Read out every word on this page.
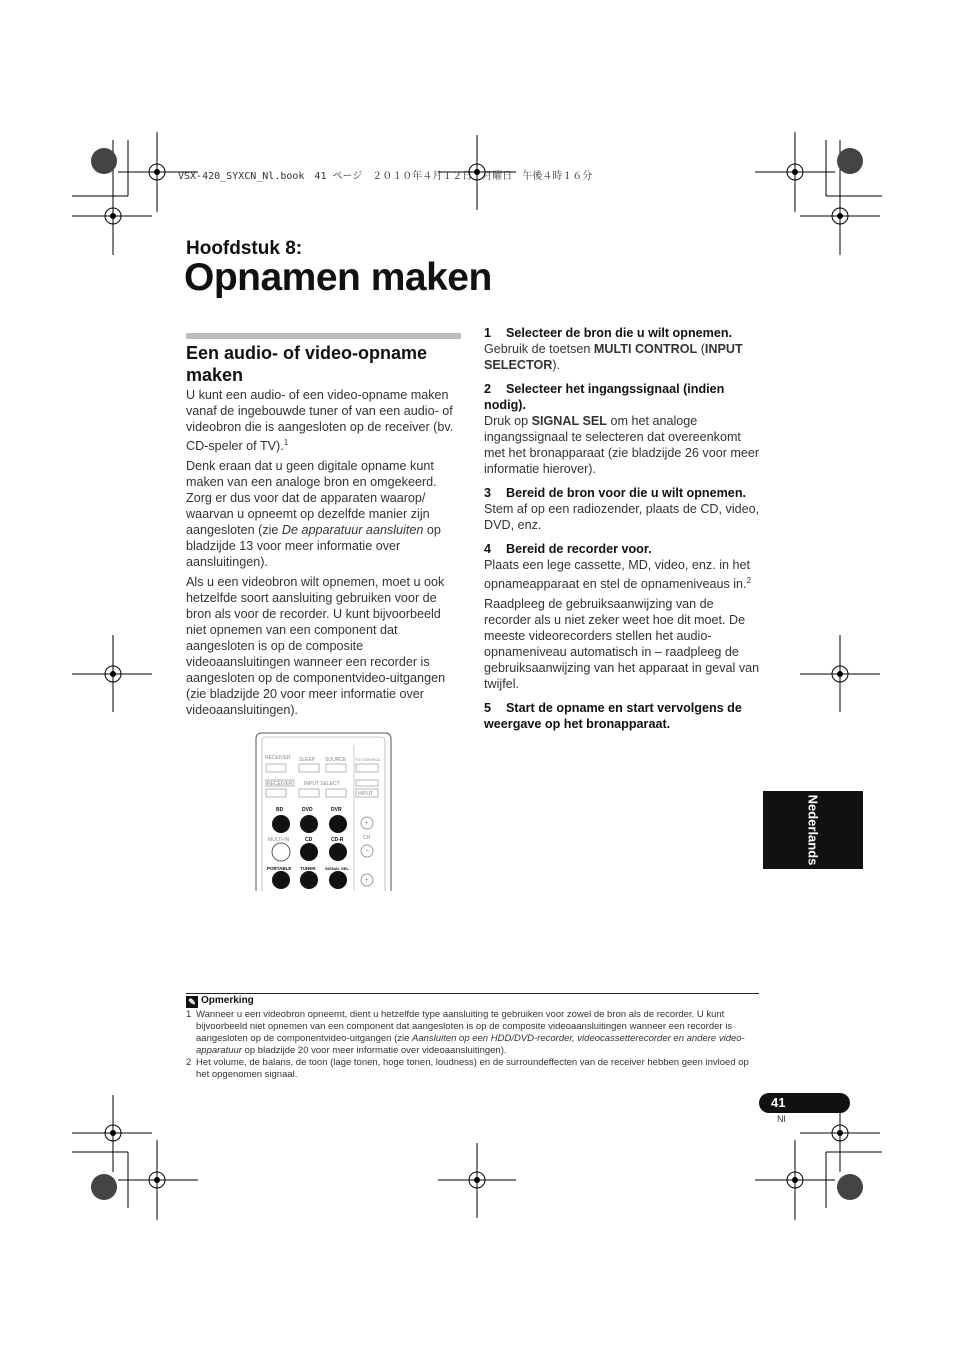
VSX-420_SYXCN_Nl.book　41 ページ　２０１０年４月１２日　月曜日　午後４時１６分
Hoofdstuk 8:
Opnamen maken
Een audio- of video-opname maken

U kunt een audio- of een video-opname maken vanaf de ingebouwde tuner of van een audio- of videobron die is aangesloten op de receiver (bv. CD-speler of TV).$^1$

Denk eraan dat u geen digitale opname kunt maken van een analoge bron en omgekeerd. Zorg er dus voor dat de apparaten waarop/ waarvan u opneemt op dezelfde manier zijn aangesloten (zie De apparatuur aansluiten op bladzijde 13 voor meer informatie over aansluitingen).

Als u een videobron wilt opnemen, moet u ook hetzelfde soort aansluiting gebruiken voor de bron als voor de recorder. U kunt bijvoorbeeld niet opnemen van een component dat aangesloten is op de composite videoaansluitingen wanneer een recorder is aangesloten op de componentvideo-uitgangen (zie bladzijde 20 voor meer informatie over videoaansluitingen).

RECEIVER SLEEP SOURCE TV CONTROL
RECEIVER INPUT SELECT
INPUT
BD	DVD	DVR
MULTI-IN	CD	CD-R
PORTABLE TUNER SIGNAL SEL
+
CH
−
+
1 Selecteer de bron die u wilt opnemen.
Gebruik de toetsen MULTI CONTROL (INPUT SELECTOR).
2 Selecteer het ingangssignaal (indien nodig).
Druk op SIGNAL SEL om het analoge ingangssignaal te selecteren dat overeenkomt met het bronapparaat (zie bladzijde 26 voor meer informatie hierover).
3 Bereid de bron voor die u wilt opnemen.
Stem af op een radiozender, plaats de CD, video, DVD, enz.
4 Bereid de recorder voor.
Plaats een lege cassette, MD, video, enz. in het opnameapparaat en stel de opnameniveaus in.$^2$
Raadpleeg de gebruiksaanwijzing van de recorder als u niet zeker weet hoe dit moet. De meeste videorecorders stellen het audio-opnameniveau automatisch in – raadpleeg de gebruiksaanwijzing van het apparaat in geval van twijfel.
5 Start de opname en start vervolgens de weergave op het bronapparaat.
Nederlands
✎ Opmerking
1 Wanneer u een videobron opneemt, dient u hetzelfde type aansluiting te gebruiken voor zowel de bron als de recorder. U kunt bijvoorbeeld niet opnemen van een component dat aangesloten is op de composite videoaansluitingen wanneer een recorder is aangesloten op de componentvideo-uitgangen (zie Aansluiten op een HDD/DVD-recorder, videocassetterecorder en andere video-apparatuur op bladzijde 20 voor meer informatie over videoaansluitingen).
2 Het volume, de balans, de toon (lage tonen, hoge tonen, loudness) en de surroundeffecten van de receiver hebben geen invloed op het opgenomen signaal.
41
Nl
